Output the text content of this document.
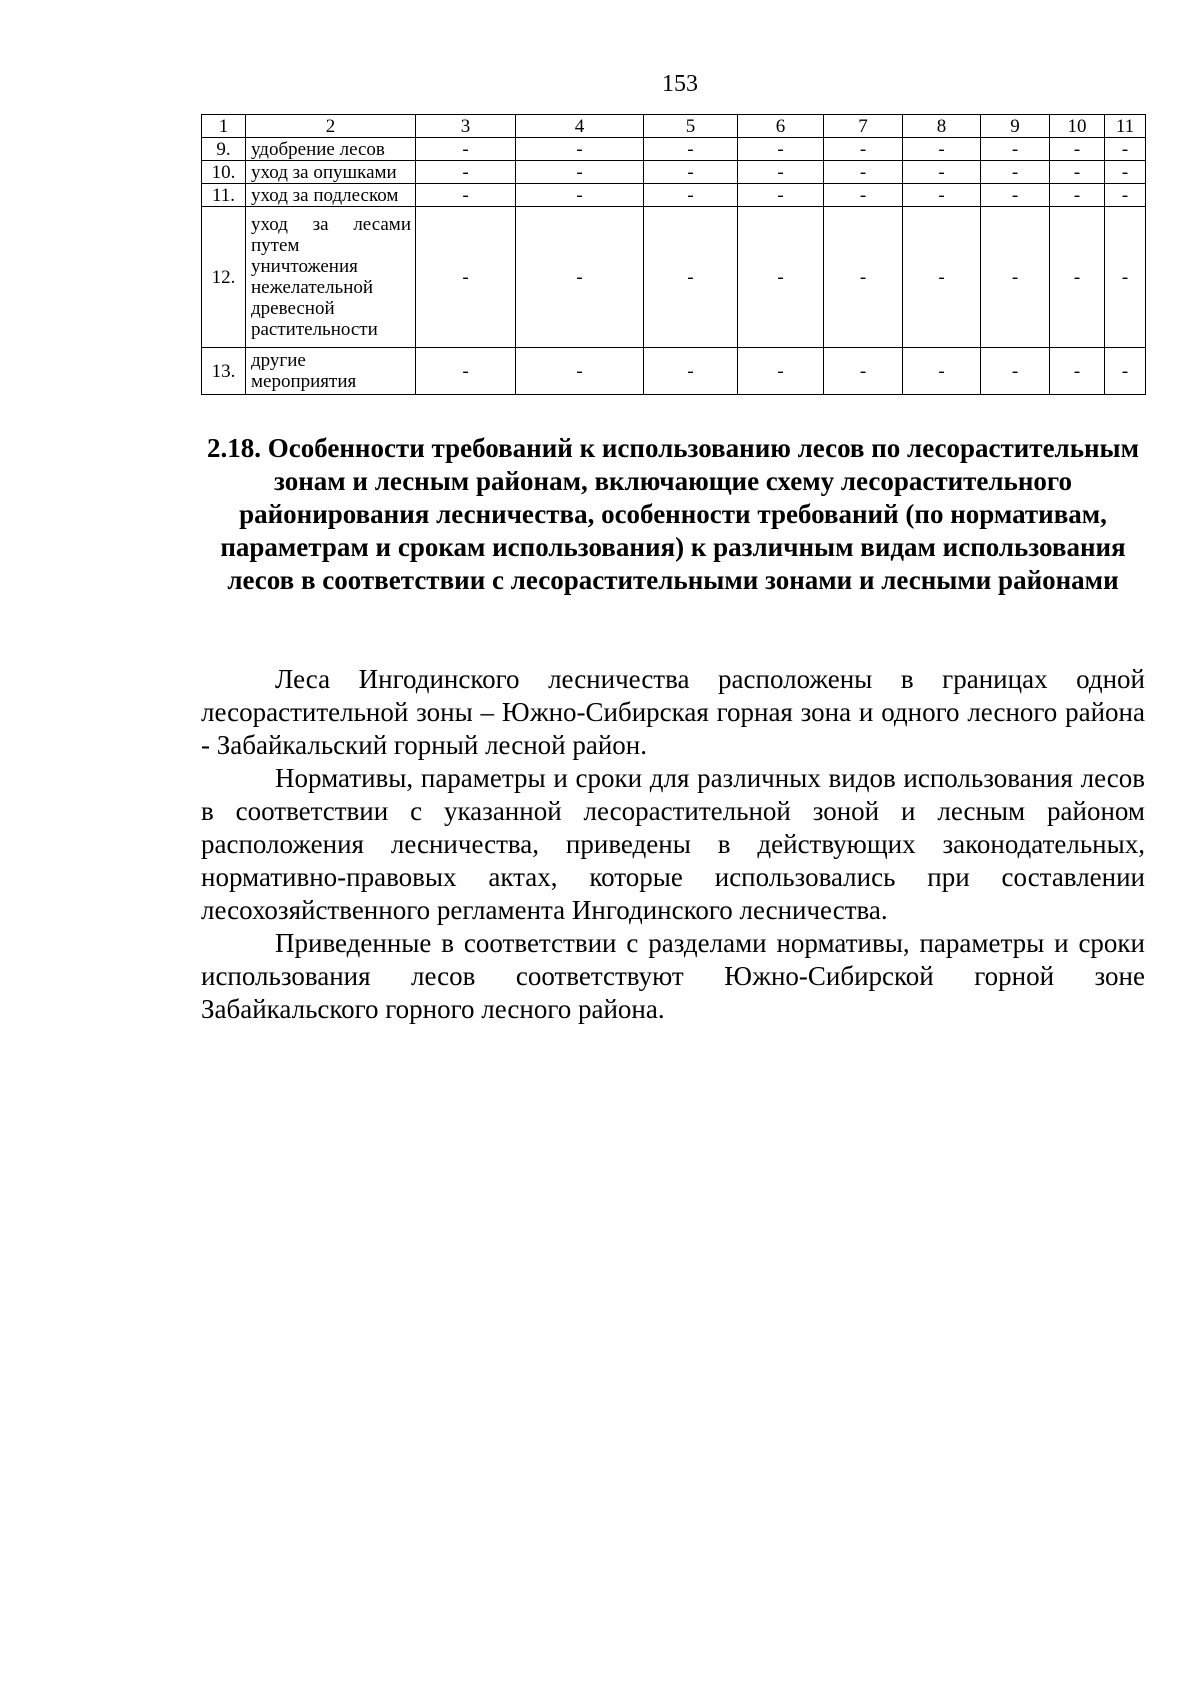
153
1	2	3	4	5	6	7	8	9	10	11
9.	удобрение лесов	-	-	-	-	-	-	-	-	-
10.	уход за опушками	-	-	-	-	-	-	-	-	-
11.	уход за подлеском	-	-	-	-	-	-	-	-	-
12.	уход за лесами путем уничтожения нежелательной древесной растительности	-	-	-	-	-	-	-	-	-
13.	другие мероприятия	-	-	-	-	-	-	-	-	-
2.18. Особенности требований к использованию лесов по лесорастительным зонам и лесным районам, включающие схему лесорастительного районирования лесничества, особенности требований (по нормативам, параметрам и срокам использования) к различным видам использования лесов в соответствии с лесорастительными зонами и лесными районами

Леса Ингодинского лесничества расположены в границах одной лесорастительной зоны – Южно-Сибирская горная зона и одного лесного района - Забайкальский горный лесной район.

Нормативы, параметры и сроки для различных видов использования лесов в соответствии с указанной лесорастительной зоной и лесным районом расположения лесничества, приведены в действующих законодательных, нормативно-правовых актах, которые использовались при составлении лесохозяйственного регламента Ингодинского лесничества.

Приведенные в соответствии с разделами нормативы, параметры и сроки использования лесов соответствуют Южно-Сибирской горной зоне Забайкальского горного лесного района.
